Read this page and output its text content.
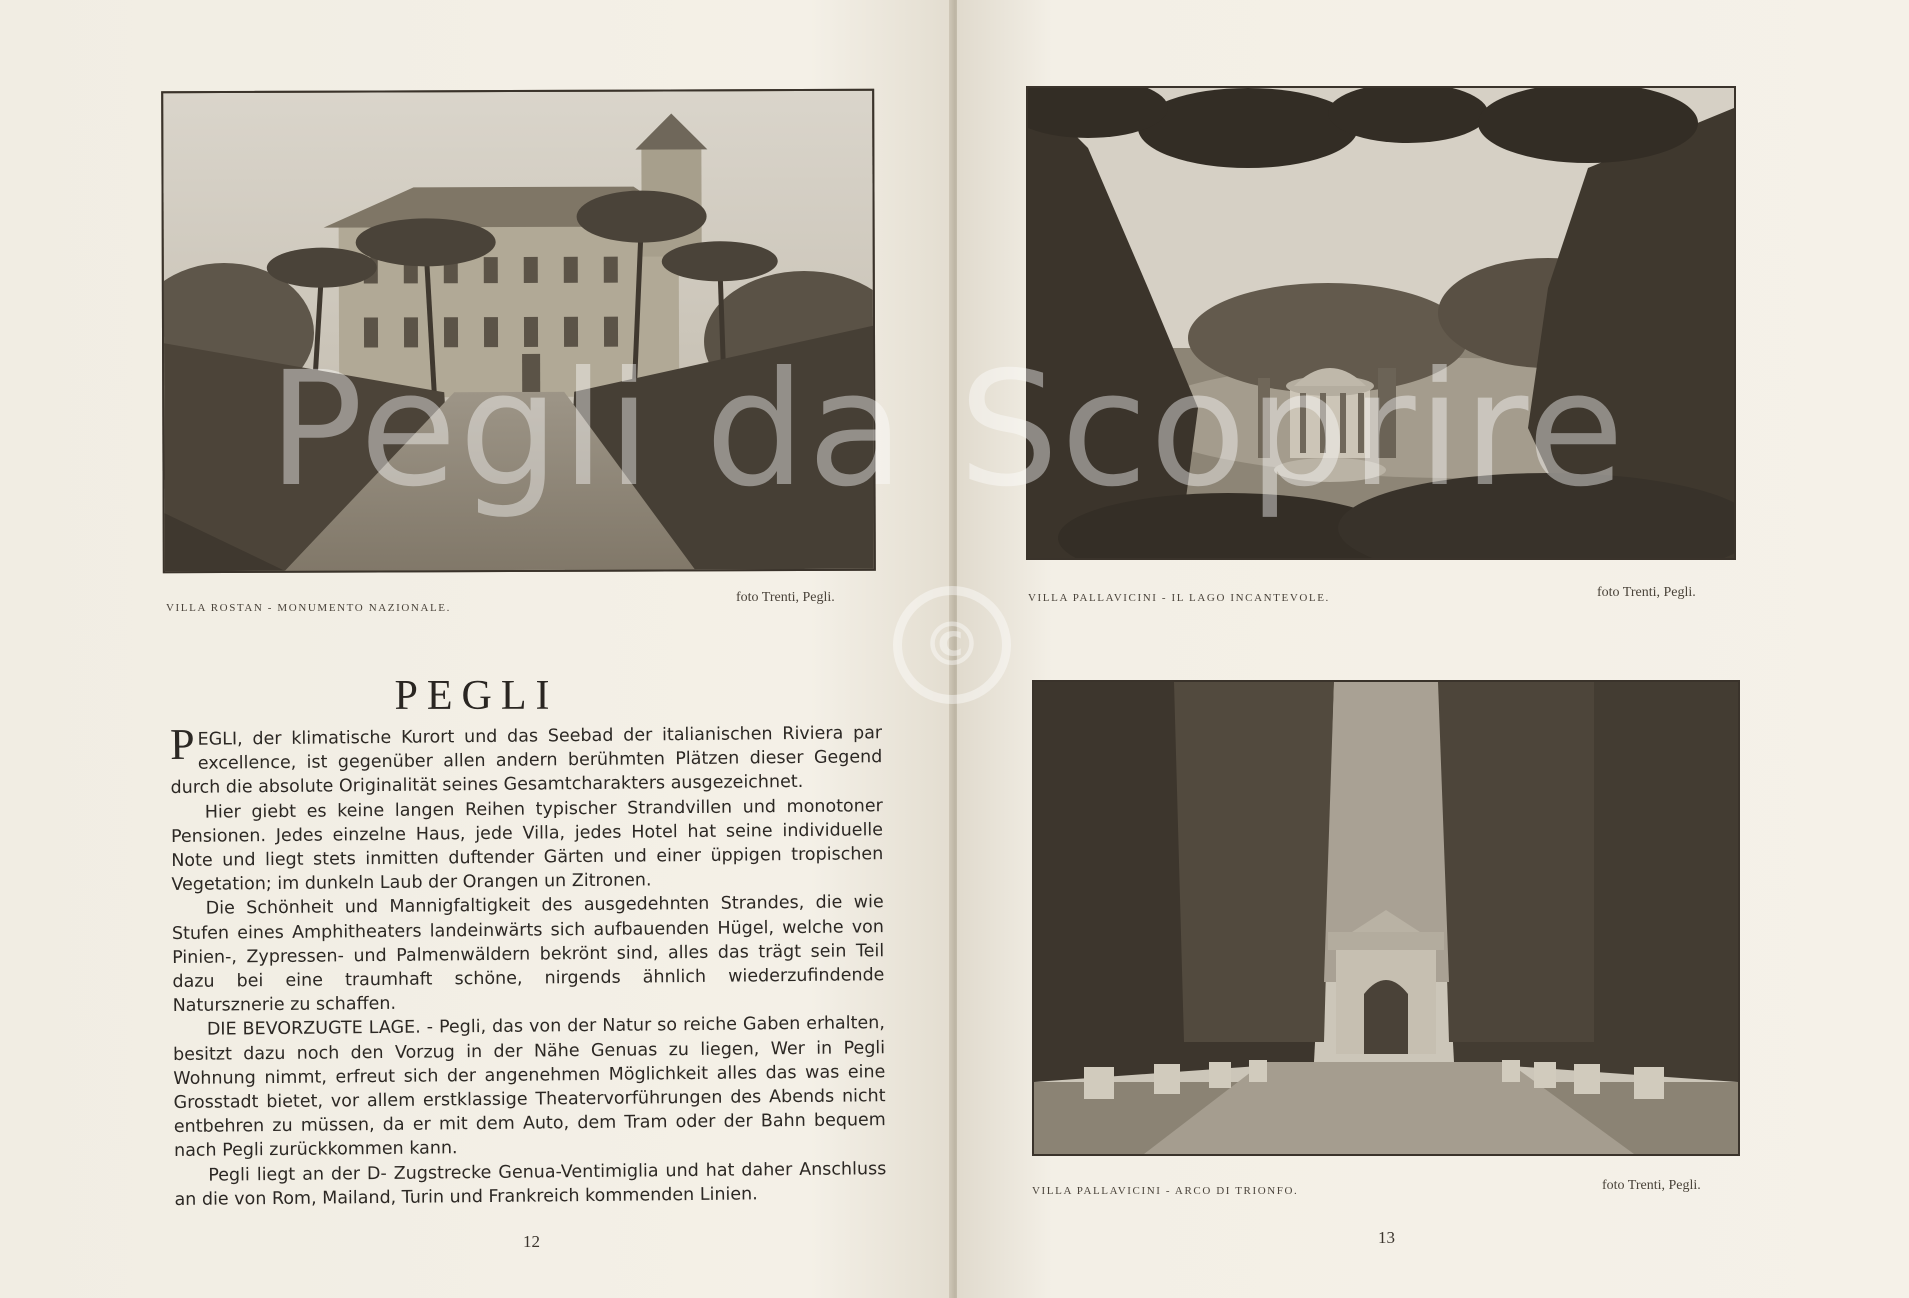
VILLA ROSTAN - MONUMENTO NAZIONALE.
foto Trenti, Pegli.
PEGLI

PEGLI, der klimatische Kurort und das Seebad der italianischen Riviera par excellence, ist gegenüber allen andern berühmten Plätzen dieser Gegend durch die absolute Originalität seines Gesamtcharakters ausgezeichnet.

Hier giebt es keine langen Reihen typischer Strandvillen und monotoner Pensionen. Jedes einzelne Haus, jede Villa, jedes Hotel hat seine individuelle Note und liegt stets inmitten duftender Gärten und einer üppigen tropischen Vegetation; im dunkeln Laub der Orangen un Zitronen.

Die Schönheit und Mannigfaltigkeit des ausgedehnten Strandes, die wie Stufen eines Amphitheaters landeinwärts sich aufbauenden Hügel, welche von Pinien-, Zypressen- und Palmenwäldern bekrönt sind, alles das trägt sein Teil dazu bei eine traumhaft schöne, nirgends ähnlich wiederzufindende Natursznerie zu schaffen.

DIE BEVORZUGTE LAGE. - Pegli, das von der Natur so reiche Gaben erhalten, besitzt dazu noch den Vorzug in der Nähe Genuas zu liegen, Wer in Pegli Wohnung nimmt, erfreut sich der angenehmen Möglichkeit alles das was eine Grosstadt bietet, vor allem erstklassige Theatervorführungen des Abends nicht entbehren zu müssen, da er mit dem Auto, dem Tram oder der Bahn bequem nach Pegli zurückkommen kann.

Pegli liegt an der D- Zugstrecke Genua-Ventimiglia und hat daher Anschluss an die von Rom, Mailand, Turin und Frankreich kommenden Linien.

12
VILLA PALLAVICINI - IL LAGO INCANTEVOLE.	foto Trenti, Pegli.
VILLA PALLAVICINI - ARCO DI TRIONFO.	foto Trenti, Pegli.
13
Pegli da Scoprire
©
